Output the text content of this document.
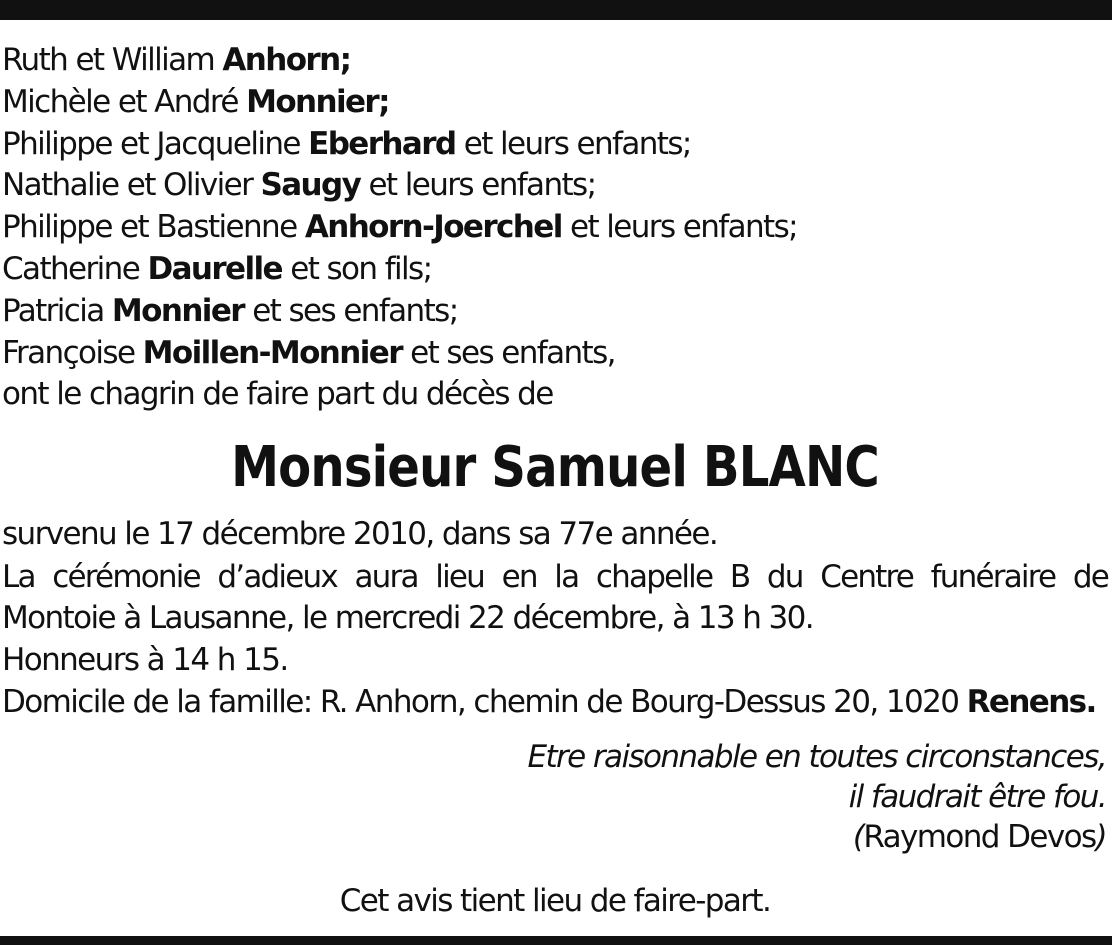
Ruth et William Anhorn;
Michèle et André Monnier;
Philippe et Jacqueline Eberhard et leurs enfants;
Nathalie et Olivier Saugy et leurs enfants;
Philippe et Bastienne Anhorn-Joerchel et leurs enfants;
Catherine Daurelle et son fils;
Patricia Monnier et ses enfants;
Françoise Moillen-Monnier et ses enfants,
ont le chagrin de faire part du décès de
Monsieur Samuel BLANC
survenu le 17 décembre 2010, dans sa 77e année.
La cérémonie d’adieux aura lieu en la chapelle B du Centre funéraire de
Montoie à Lausanne, le mercredi 22 décembre, à 13 h 30.
Honneurs à 14 h 15.
Domicile de la famille: R. Anhorn, chemin de Bourg-Dessus 20, 1020 Renens.
Etre raisonnable en toutes circonstances,
il faudrait être fou.
(Raymond Devos)
Cet avis tient lieu de faire-part.
